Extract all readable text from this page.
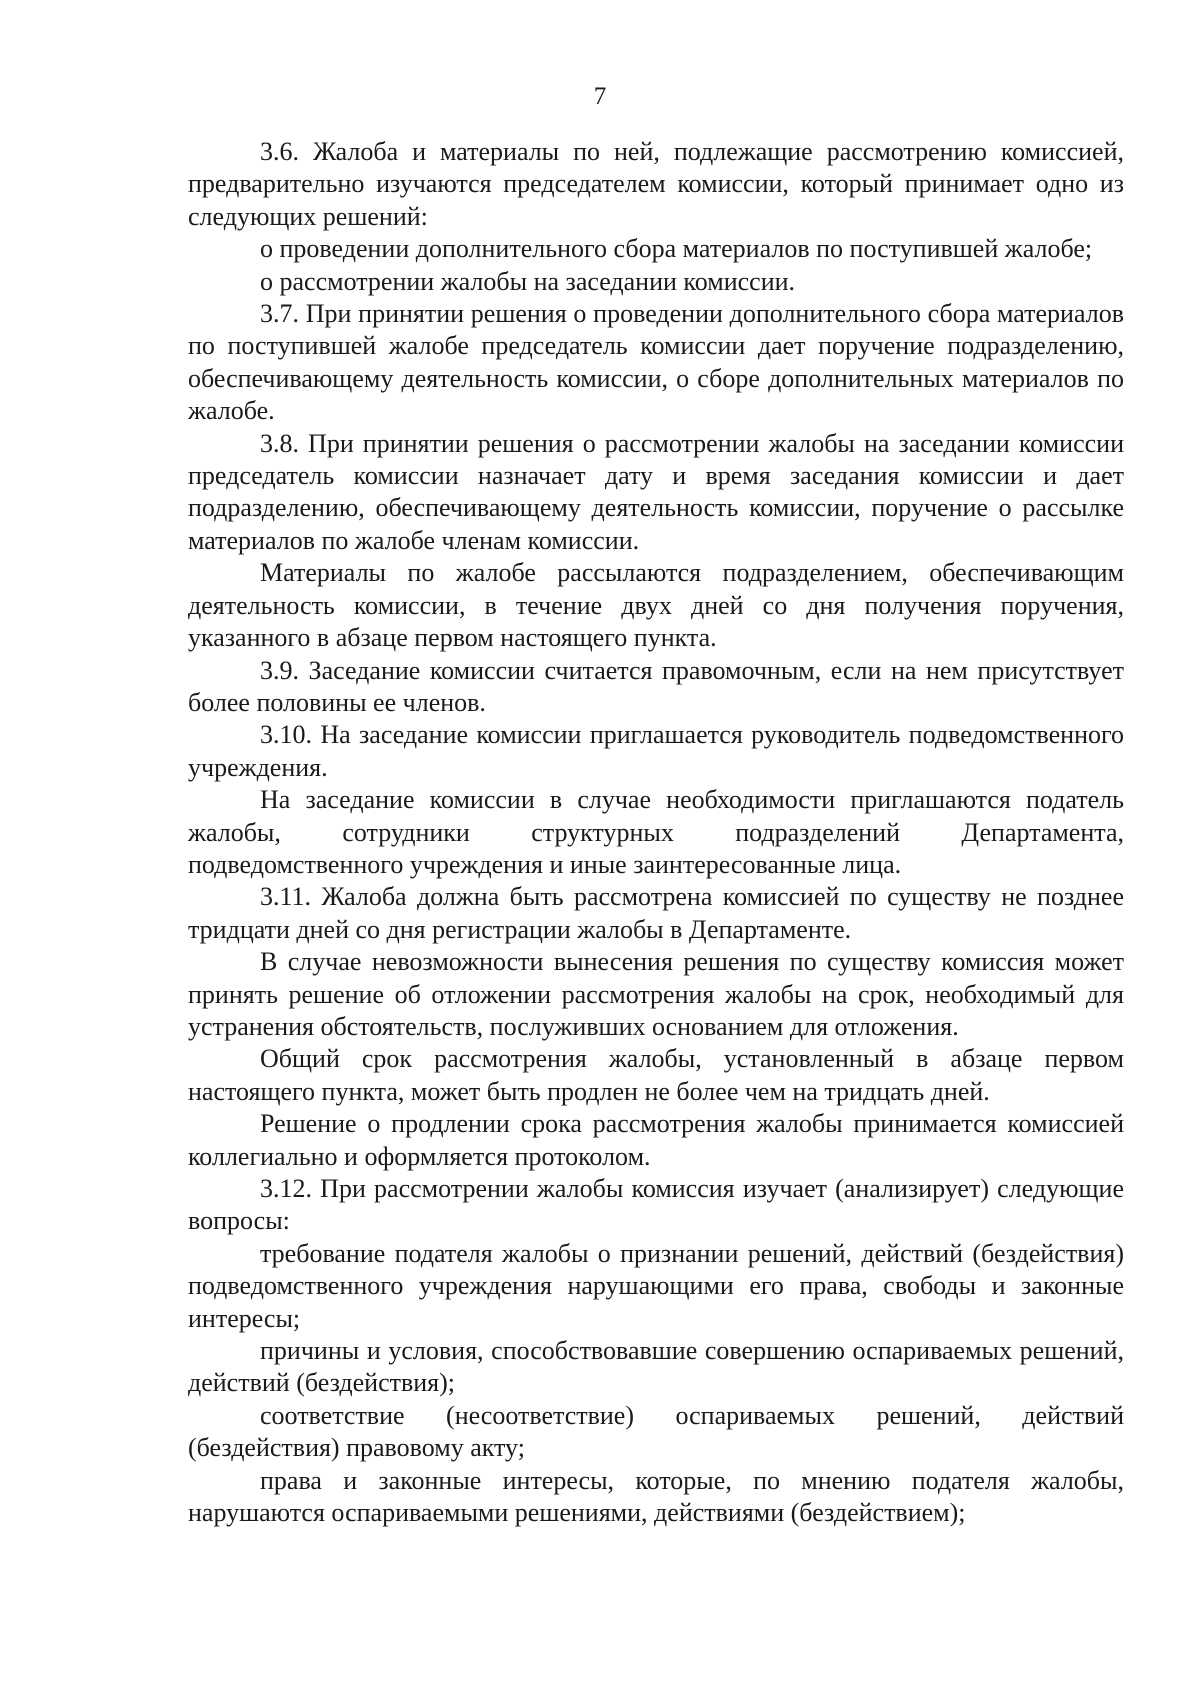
7

3.6. Жалоба и материалы по ней, подлежащие рассмотрению комиссией, предварительно изучаются председателем комиссии, который принимает одно из следующих решений:

о проведении дополнительного сбора материалов по поступившей жалобе;

о рассмотрении жалобы на заседании комиссии.

3.7. При принятии решения о проведении дополнительного сбора материалов по поступившей жалобе председатель комиссии дает поручение подразделению, обеспечивающему деятельность комиссии, о сборе дополнительных материалов по жалобе.

3.8. При принятии решения о рассмотрении жалобы на заседании комиссии председатель комиссии назначает дату и время заседания комиссии и дает подразделению, обеспечивающему деятельность комиссии, поручение о рассылке материалов по жалобе членам комиссии.

Материалы по жалобе рассылаются подразделением, обеспечивающим деятельность комиссии, в течение двух дней со дня получения поручения, указанного в абзаце первом настоящего пункта.

3.9. Заседание комиссии считается правомочным, если на нем присутствует более половины ее членов.

3.10. На заседание комиссии приглашается руководитель подведомственного учреждения.

На заседание комиссии в случае необходимости приглашаются податель жалобы, сотрудники структурных подразделений Департамента, подведомственного учреждения и иные заинтересованные лица.

3.11. Жалоба должна быть рассмотрена комиссией по существу не позднее тридцати дней со дня регистрации жалобы в Департаменте.

В случае невозможности вынесения решения по существу комиссия может принять решение об отложении рассмотрения жалобы на срок, необходимый для устранения обстоятельств, послуживших основанием для отложения.

Общий срок рассмотрения жалобы, установленный в абзаце первом настоящего пункта, может быть продлен не более чем на тридцать дней.

Решение о продлении срока рассмотрения жалобы принимается комиссией коллегиально и оформляется протоколом.

3.12. При рассмотрении жалобы комиссия изучает (анализирует) следующие вопросы:

требование подателя жалобы о признании решений, действий (бездействия) подведомственного учреждения нарушающими его права, свободы и законные интересы;

причины и условия, способствовавшие совершению оспариваемых решений, действий (бездействия);

соответствие (несоответствие) оспариваемых решений, действий (бездействия) правовому акту;

права и законные интересы, которые, по мнению подателя жалобы, нарушаются оспариваемыми решениями, действиями (бездействием);
